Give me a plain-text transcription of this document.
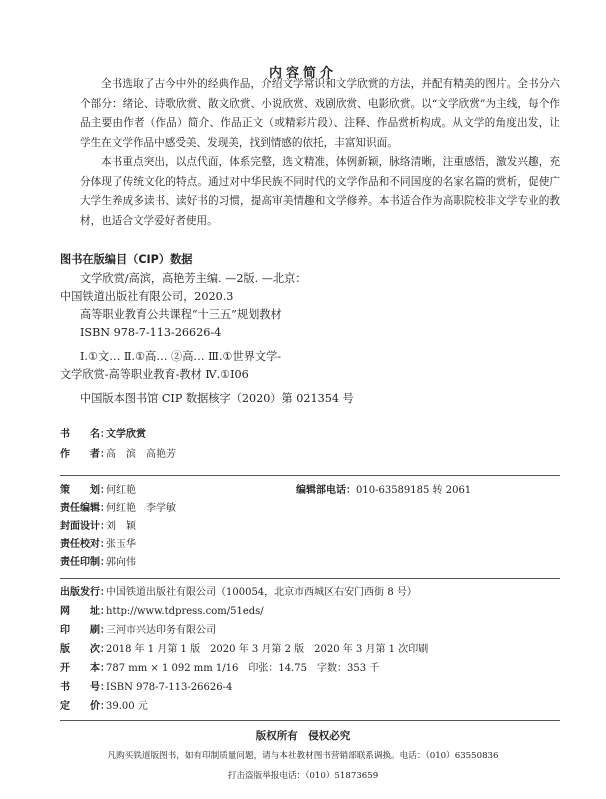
内容简介
全书选取了古今中外的经典作品，介绍文学常识和文学欣赏的方法，并配有精美的图片。全书分六个部分：绪论、诗歌欣赏、散文欣赏、小说欣赏、戏剧欣赏、电影欣赏。以“文学欣赏”为主线，每个作品主要由作者（作品）简介、作品正文（或精彩片段）、注释、作品赏析构成。从文学的角度出发，让学生在文学作品中感受美、发现美，找到情感的依托，丰富知识面。
本书重点突出，以点代面，体系完整，选文精准，体例新颖，脉络清晰，注重感悟，激发兴趣，充分体现了传统文化的特点。通过对中华民族不同时代的文学作品和不同国度的名家名篇的赏析，促使广大学生养成多读书、读好书的习惯，提高审美情趣和文学修养。本书适合作为高职院校非文学专业的教材，也适合文学爱好者使用。
图书在版编目（CIP）数据
文学欣赏/高滨，高艳芳主编. —2版. —北京：
中国铁道出版社有限公司，2020.3
高等职业教育公共课程“十三五”规划教材
ISBN 978-7-113-26626-4
Ⅰ.①文… Ⅱ.①高… ②高… Ⅲ.①世界文学-
文学欣赏-高等职业教育-教材 Ⅳ.①I06
中国版本图书馆 CIP 数据核字（2020）第 021354 号
书　　名：文学欣赏
作　　者：高　滨　高艳芳
策　　划：何红艳	编辑部电话：010-63589185 转 2061
责任编辑：何红艳　李学敏
封面设计：刘　颖
责任校对：张玉华
责任印制：郭向伟
出版发行：中国铁道出版社有限公司（100054，北京市西城区右安门西街 8 号）
网　　址：http://www.tdpress.com/51eds/
印　　刷：三河市兴达印务有限公司
版　　次：2018 年 1 月第 1 版　2020 年 3 月第 2 版　2020 年 3 月第 1 次印刷
开　　本：787 mm × 1 092 mm 1/16　印张：14.75　字数：353 千
书　　号：ISBN 978-7-113-26626-4
定　　价：39.00 元
版权所有　侵权必究
凡购买铁道版图书，如有印制质量问题，请与本社教材图书营销部联系调换。电话：（010）63550836
打击盗版举报电话：（010）51873659
